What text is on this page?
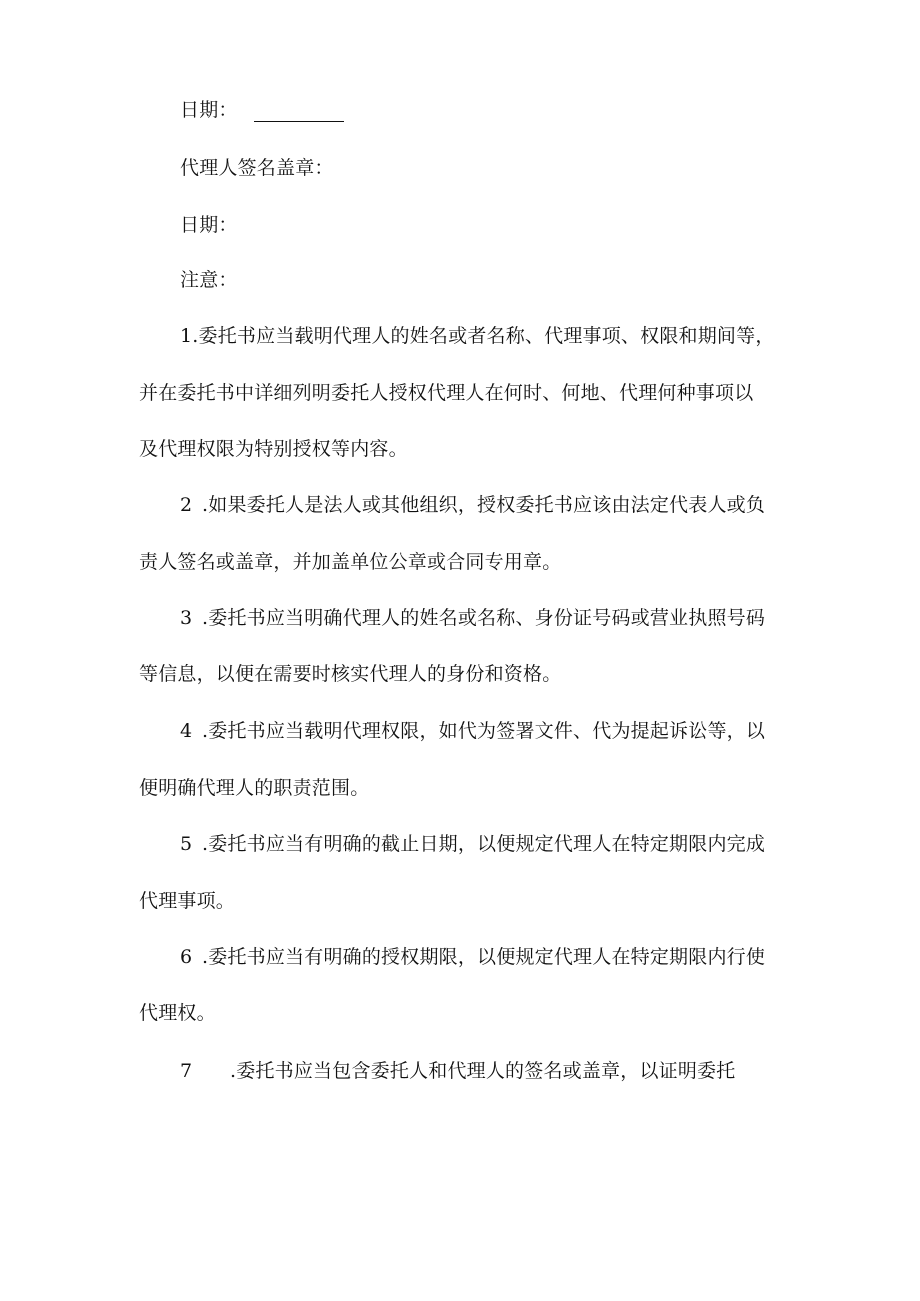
日期：
代理人签名盖章：
日期：
注意：
1.委托书应当载明代理人的姓名或者名称、代理事项、权限和期间等，
并在委托书中详细列明委托人授权代理人在何时、何地、代理何种事项以
及代理权限为特别授权等内容。
2 .如果委托人是法人或其他组织，授权委托书应该由法定代表人或负
责人签名或盖章，并加盖单位公章或合同专用章。
3 .委托书应当明确代理人的姓名或名称、身份证号码或营业执照号码
等信息，以便在需要时核实代理人的身份和资格。
4 .委托书应当载明代理权限，如代为签署文件、代为提起诉讼等，以
便明确代理人的职责范围。
5 .委托书应当有明确的截止日期，以便规定代理人在特定期限内完成
代理事项。
6 .委托书应当有明确的授权期限，以便规定代理人在特定期限内行使
代理权。
7 .委托书应当包含委托人和代理人的签名或盖章，以证明委托
